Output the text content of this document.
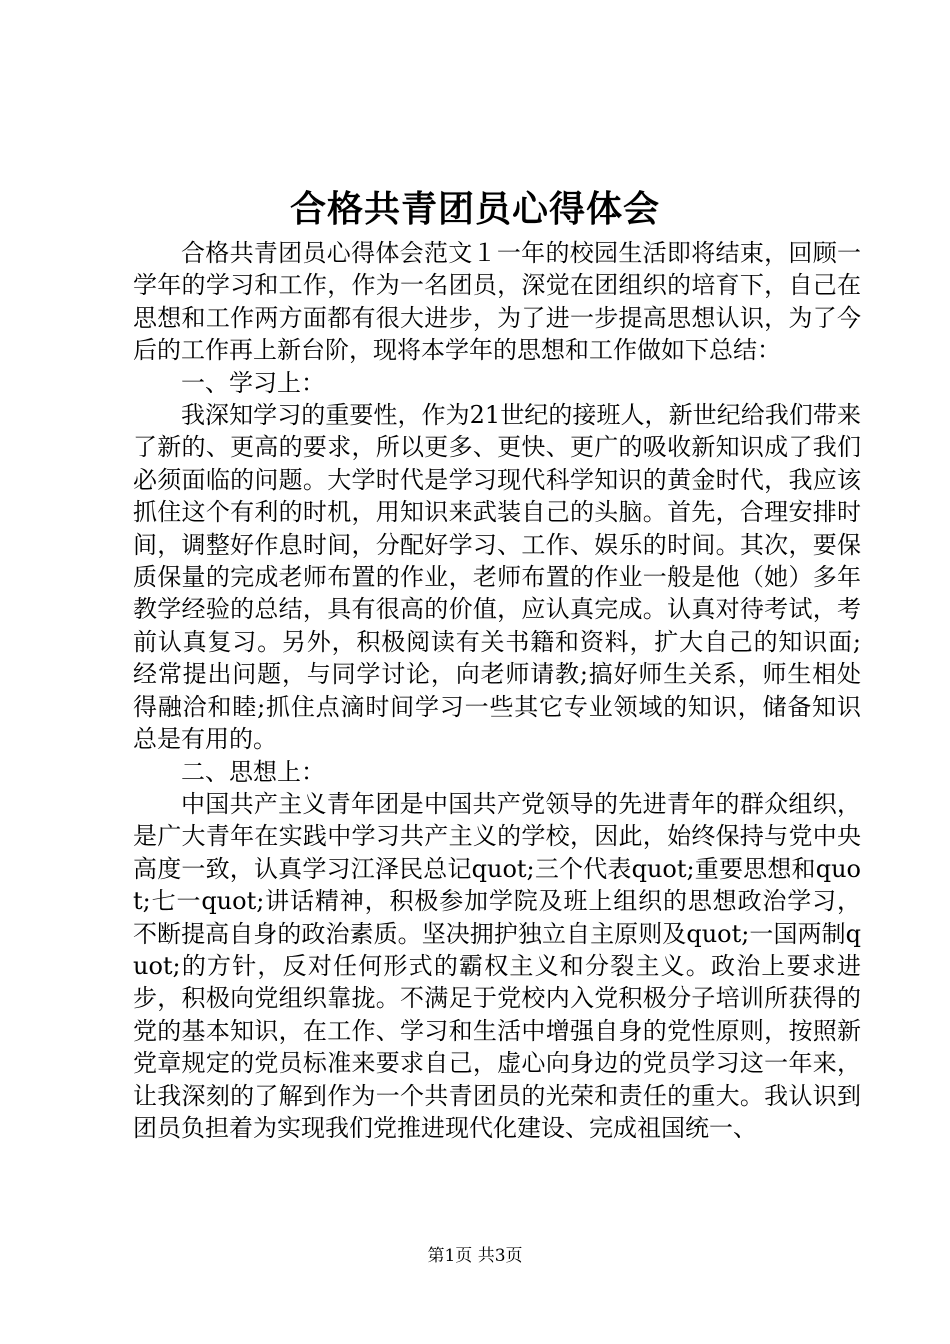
合格共青团员心得体会

合格共青团员心得体会范文１一年的校园生活即将结束，回顾一学年的学习和工作，作为一名团员，深觉在团组织的培育下，自己在思想和工作两方面都有很大进步，为了进一步提高思想认识，为了今后的工作再上新台阶，现将本学年的思想和工作做如下总结：

一、学习上：

我深知学习的重要性，作为21世纪的接班人，新世纪给我们带来了新的、更高的要求，所以更多、更快、更广的吸收新知识成了我们必须面临的问题。大学时代是学习现代科学知识的黄金时代，我应该抓住这个有利的时机，用知识来武装自己的头脑。首先，合理安排时间，调整好作息时间，分配好学习、工作、娱乐的时间。其次，要保质保量的完成老师布置的作业，老师布置的作业一般是他（她）多年教学经验的总结，具有很高的价值，应认真完成。认真对待考试，考前认真复习。另外，积极阅读有关书籍和资料，扩大自己的知识面;经常提出问题，与同学讨论，向老师请教;搞好师生关系，师生相处得融洽和睦;抓住点滴时间学习一些其它专业领域的知识，储备知识总是有用的。

二、思想上：

中国共产主义青年团是中国共产党领导的先进青年的群众组织，是广大青年在实践中学习共产主义的学校，因此，始终保持与党中央高度一致，认真学习江泽民总记quot;三个代表quot;重要思想和quot;七一quot;讲话精神，积极参加学院及班上组织的思想政治学习，不断提高自身的政治素质。坚决拥护独立自主原则及quot;一国两制quot;的方针，反对任何形式的霸权主义和分裂主义。政治上要求进步，积极向党组织靠拢。不满足于党校内入党积极分子培训所获得的党的基本知识，在工作、学习和生活中增强自身的党性原则，按照新党章规定的党员标准来要求自己，虚心向身边的党员学习这一年来，让我深刻的了解到作为一个共青团员的光荣和责任的重大。我认识到团员负担着为实现我们党推进现代化建设、完成祖国统一、

第1页 共3页
